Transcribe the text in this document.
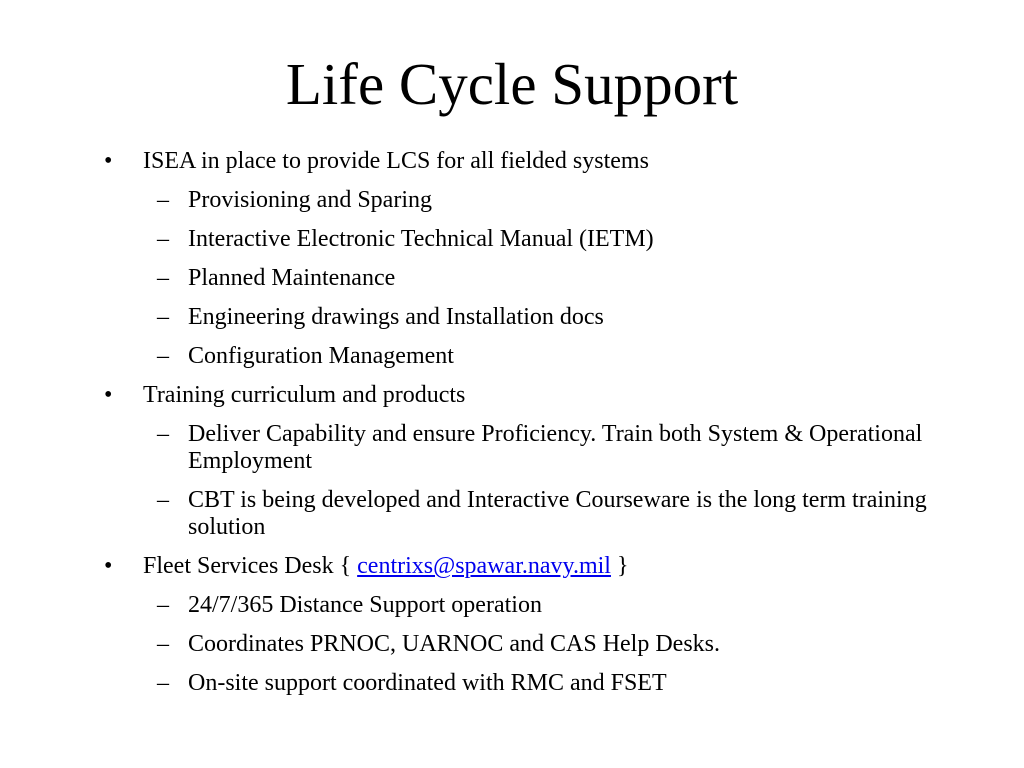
Life Cycle Support
• ISEA in place to provide LCS for all fielded systems
– Provisioning and Sparing
– Interactive Electronic Technical Manual (IETM)
– Planned Maintenance
– Engineering drawings and Installation docs
– Configuration Management
• Training curriculum and products
– Deliver Capability and ensure Proficiency. Train both System & Operational Employment
– CBT is being developed and Interactive Courseware is the long term training solution
• Fleet Services Desk { centrixs@spawar.navy.mil }
– 24/7/365 Distance Support operation
– Coordinates PRNOC, UARNOC and CAS Help Desks.
– On-site support coordinated with RMC and FSET
